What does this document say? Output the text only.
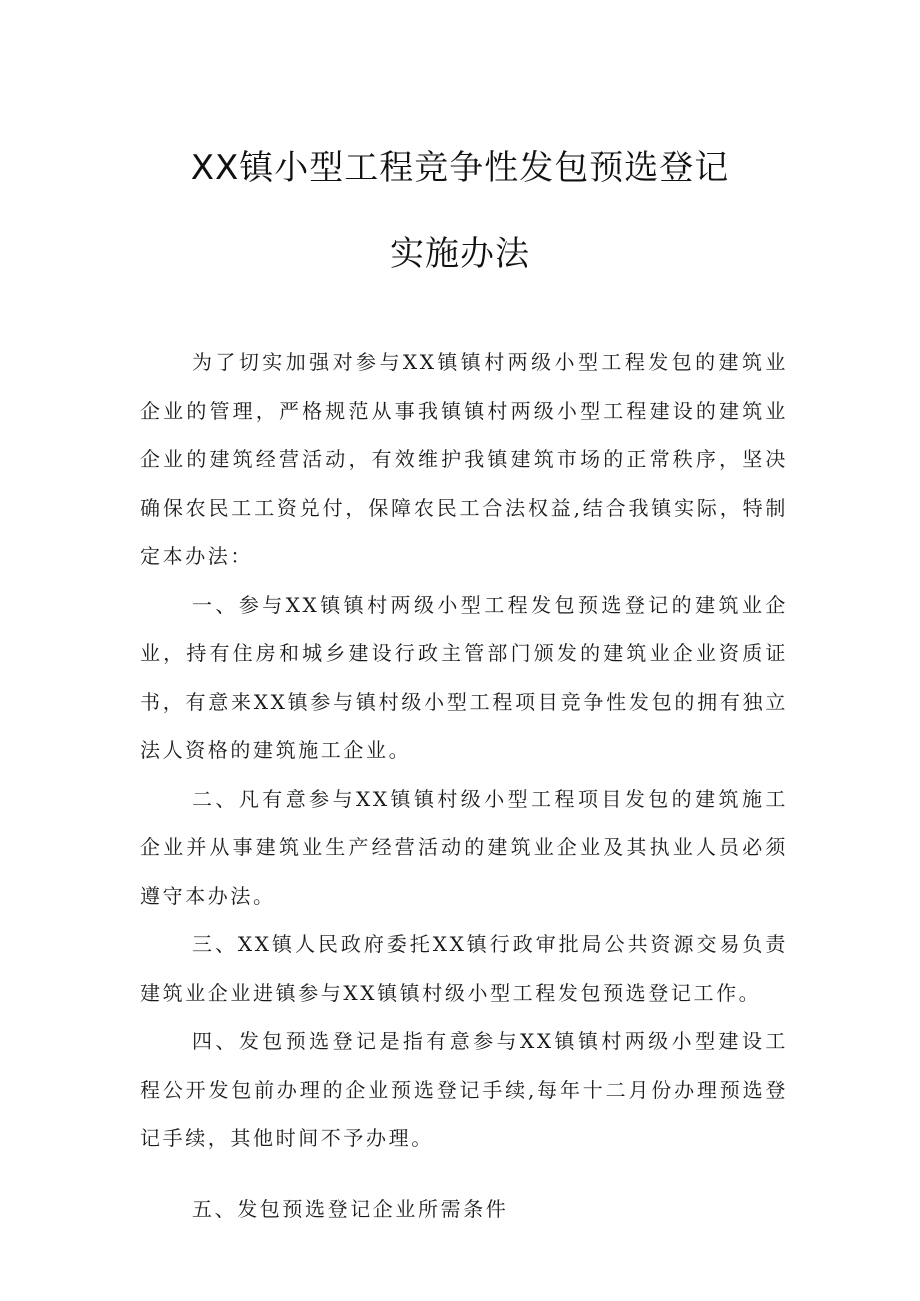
XX镇小型工程竞争性发包预选登记
实施办法

为了切实加强对参与XX镇镇村两级小型工程发包的建筑业企业的管理，严格规范从事我镇镇村两级小型工程建设的建筑业企业的建筑经营活动，有效维护我镇建筑市场的正常秩序，坚决确保农民工工资兑付，保障农民工合法权益,结合我镇实际，特制定本办法：

一、参与XX镇镇村两级小型工程发包预选登记的建筑业企业，持有住房和城乡建设行政主管部门颁发的建筑业企业资质证书，有意来XX镇参与镇村级小型工程项目竞争性发包的拥有独立法人资格的建筑施工企业。

二、凡有意参与XX镇镇村级小型工程项目发包的建筑施工企业并从事建筑业生产经营活动的建筑业企业及其执业人员必须遵守本办法。

三、XX镇人民政府委托XX镇行政审批局公共资源交易负责建筑业企业进镇参与XX镇镇村级小型工程发包预选登记工作。

四、发包预选登记是指有意参与XX镇镇村两级小型建设工程公开发包前办理的企业预选登记手续,每年十二月份办理预选登记手续，其他时间不予办理。

五、发包预选登记企业所需条件
